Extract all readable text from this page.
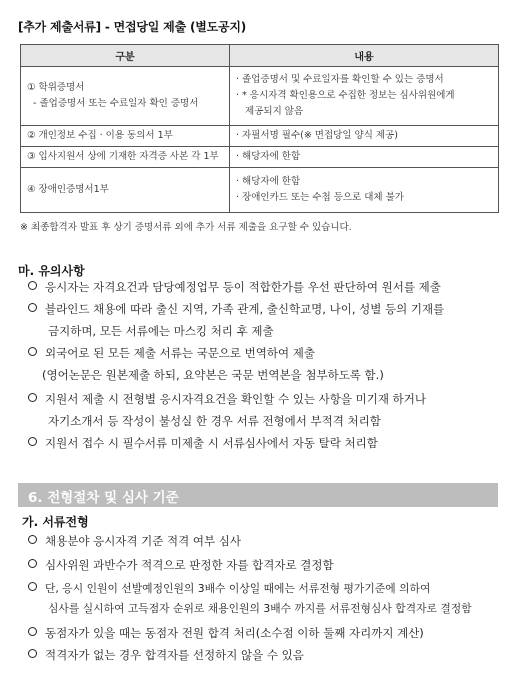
[추가 제출서류] - 면접당일 제출 (별도공지)
구분	내용

① 학위증명서
- 졸업증명서 또는 수료일자 확인 증명서	· 졸업증명서 및 수료일자를 확인할 수 있는 증명서
· * 응시자격 확인용으로 수집한 정보는 심사위원에게
제공되지 않음

② 개인정보 수집 · 이용 동의서 1부	· 자필서명 필수(※ 면접당일 양식 제공)
③ 입사지원서 상에 기재한 자격증 사본 각 1부	· 해당자에 한함
④ 장애인증명서1부	· 해당자에 한함
· 장애인카드 또는 수첩 등으로 대체 불가
※ 최종합격자 발표 후 상기 증명서류 외에 추가 서류 제출을 요구할 수 있습니다.
마. 유의사항
응시자는 자격요건과 담당예정업무 등이 적합한가를 우선 판단하여 원서를 제출
블라인드 채용에 따라 출신 지역, 가족 관계, 출신학교명, 나이, 성별 등의 기재를
금지하며, 모든 서류에는 마스킹 처리 후 제출
외국어로 된 모든 제출 서류는 국문으로 번역하여 제출
(영어논문은 원본제출 하되, 요약본은 국문 번역본을 첨부하도록 함.)
지원서 제출 시 전형별 응시자격요건을 확인할 수 있는 사항을 미기재 하거나
자기소개서 등 작성이 불성실 한 경우 서류 전형에서 부적격 처리함
지원서 접수 시 필수서류 미제출 시 서류심사에서 자동 탈락 처리함
6. 전형절차 및 심사 기준
가. 서류전형
채용분야 응시자격 기준 적격 여부 심사
심사위원 과반수가 적격으로 판정한 자를 합격자로 결정함
단, 응시 인원이 선발예정인원의 3배수 이상일 때에는 서류전형 평가기준에 의하여
심사를 실시하여 고득점자 순위로 채용인원의 3배수 까지를 서류전형심사 합격자로 결정함
동점자가 있을 때는 동점자 전원 합격 처리(소수점 이하 둘째 자리까지 계산)
적격자가 없는 경우 합격자를 선정하지 않을 수 있음
